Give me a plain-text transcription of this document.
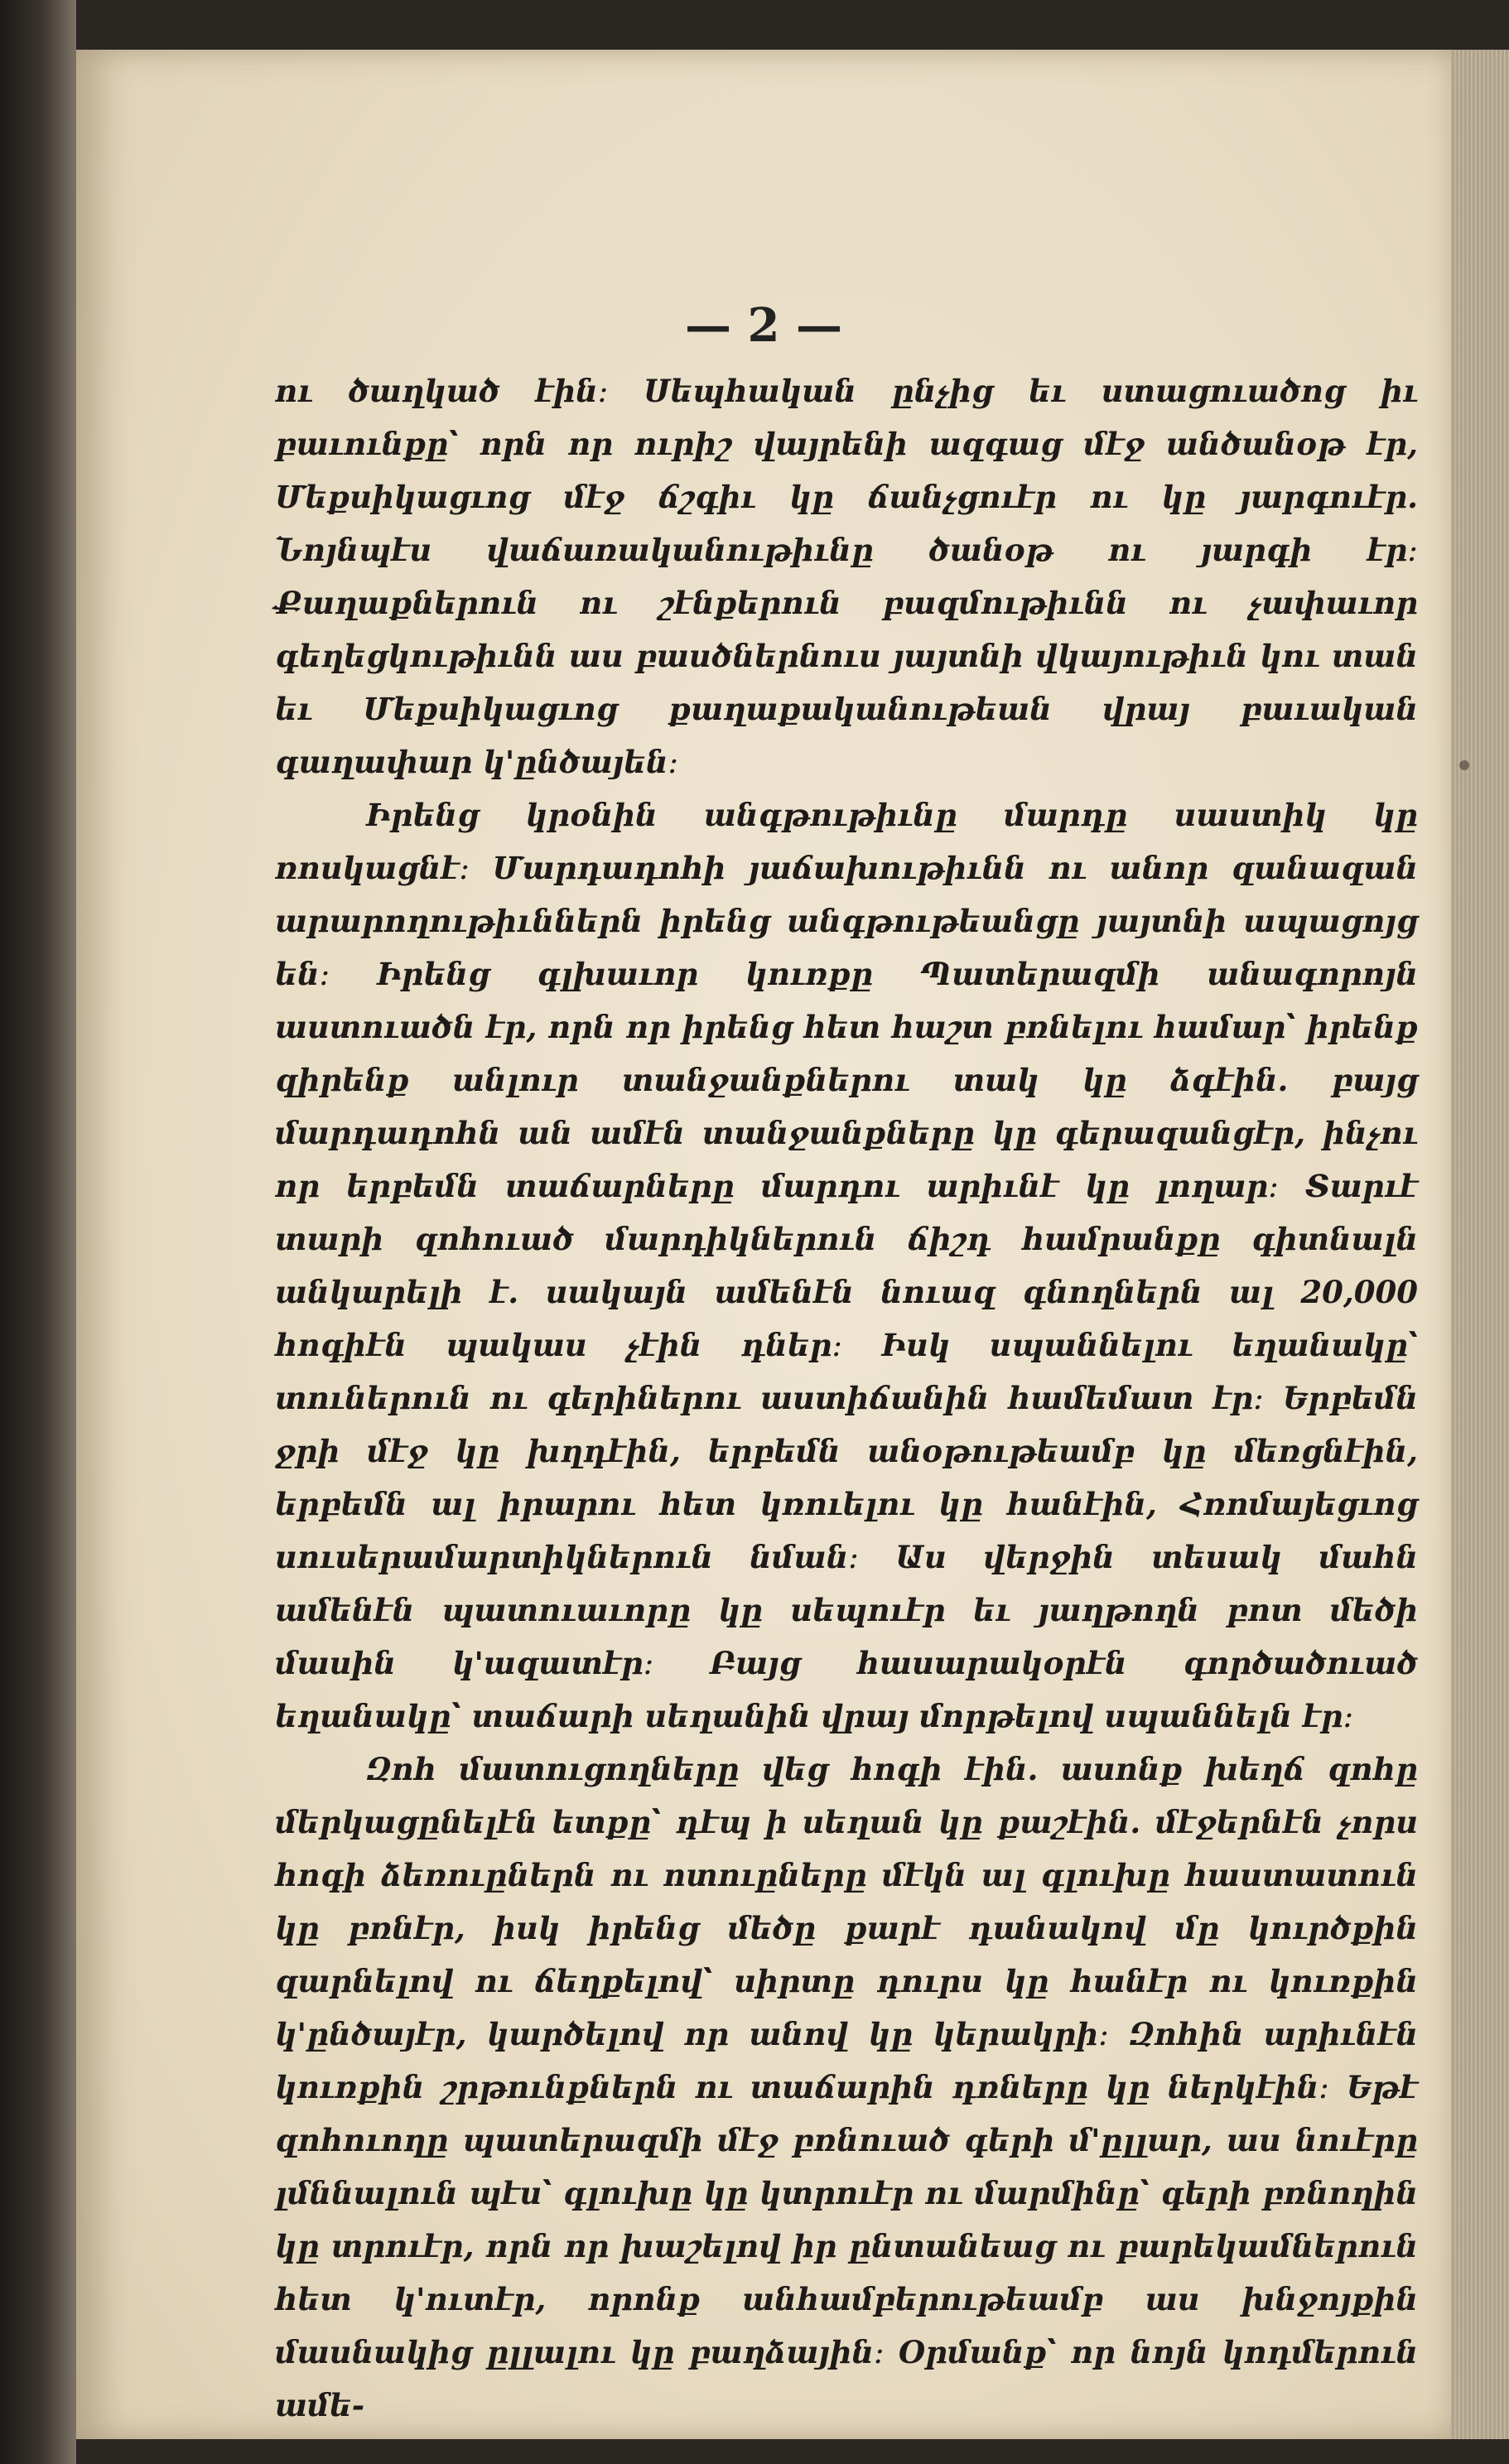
— 2 —

ու ծաղկած էին։ Սեպհական ընչից եւ ստացուածոց իւ բաւունքը՝ որն որ ուրիշ վայրենի ազգաց մէջ անծանօթ էր, Մեքսիկացւոց մէջ ճշգիւ կը ճանչցուէր ու կը յարգուէր. Նոյնպէս վաճառականութիւնը ծանօթ ու յարգի էր։ Քաղաքներուն ու շէնքերուն բազմութիւնն ու չափաւոր գեղեցկութիւնն աս բասծներնուս յայտնի վկայութիւն կու տան եւ Մեքսիկացւոց քաղաքականութեան վրայ բաւական գաղափար կ'ընծայեն։

Իրենց կրօնին անգթութիւնը մարդը սաստիկ կը ռոսկացնէ։ Մարդադոհի յաճախութիւնն ու անոր զանազան արարողութիւններն իրենց անգթութեանցը յայտնի ապացոյց են։ Իրենց գլխաւոր կուռքը Պատերազմի անագորոյն աստուածն էր, որն որ իրենց հետ հաշտ բռնելու համար՝ իրենք զիրենք անլուր տանջանքներու տակ կը ձգէին. բայց մարդադոհն ան ամէն տանջանքները կը գերազանցէր, ինչու որ երբեմն տաճարները մարդու արիւնէ կը լողար։ Տարւէ տարի զոհուած մարդիկներուն ճիշդ համրանքը գիտնալն անկարելի է. սակայն ամենէն նուազ գնողներն ալ 20,000 հոգիէն պակաս չէին դներ։ Իսկ սպաննելու եղանակը՝ տուներուն ու գերիներու աստիճանին համեմատ էր։ Երբեմն ջրի մէջ կը խղդէին, երբեմն անօթութեամբ կը մեռցնէին, երբեմն ալ իրարու հետ կռուելու կը հանէին, Հռոմայեցւոց սուսերամարտիկներուն նման։ Աս վերջին տեսակ մահն ամենէն պատուաւորը կը սեպուէր եւ յաղթողն բոտ մեծի մասին կ'ազատէր։ Բայց հասարակօրէն գործածուած եղանակը՝ տաճարի սեղանին վրայ մորթելով սպաննելն էր։

Զոհ մատուցողները վեց հոգի էին. ասոնք խեղճ զոհը մերկացընելէն ետքը՝ դէպ ի սեղան կը քաշէին. մէջերնէն չորս հոգի ձեռուըներն ու ոտուըները մէկն ալ գլուխը հաստատուն կը բռնէր, իսկ իրենց մեծը քարէ դանակով մը կուրծքին զարնելով ու ճեղքելով՝ սիրտը դուրս կը հանէր ու կուռքին կ'ընծայէր, կարծելով որ անով կը կերակրի։ Զոհին արիւնէն կուռքին շրթունքներն ու տաճարին դռները կը ներկէին։ Եթէ զոհուողը պատերազմի մէջ բռնուած գերի մ'ըլլար, աս նուէրը լմննալուն պէս՝ գլուխը կը կտրուէր ու մարմինը՝ գերի բռնողին կը տրուէր, որն որ խաշելով իր ընտանեաց ու բարեկամներուն հետ կ'ուտէր, որոնք անհամբերութեամբ աս խնջոյքին մասնակից ըլլալու կը բաղձային։ Օրմանք՝ որ նոյն կոդմերուն ամե-
